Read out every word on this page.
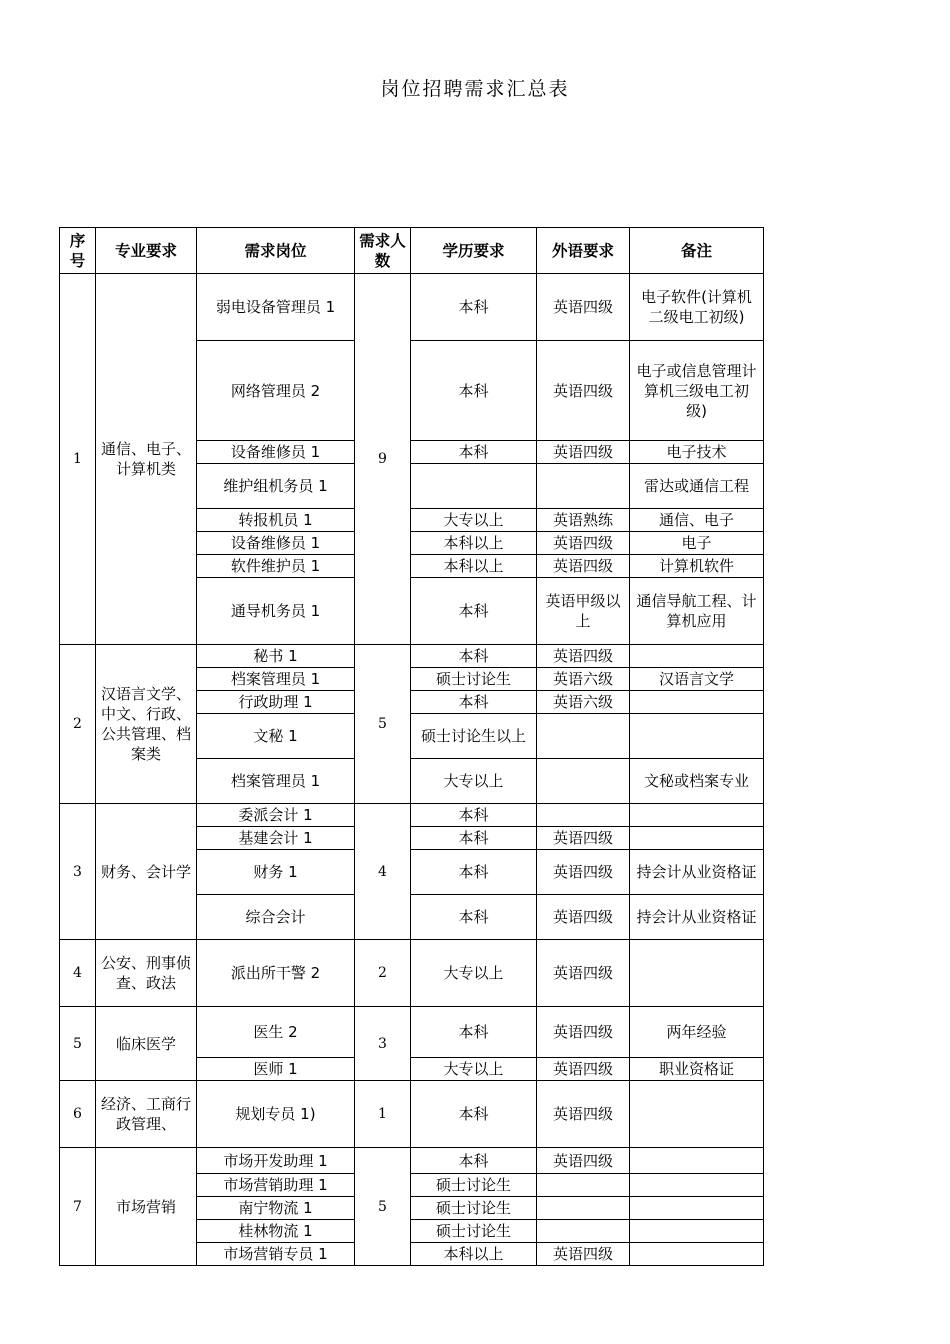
岗位招聘需求汇总表
序号	专业要求	需求岗位	需求人数	学历要求	外语要求	备注
1	通信、电子、计算机类	弱电设备管理员 1	9	本科	英语四级	电子软件(计算机二级电工初级)
		网络管理员 2		本科	英语四级	电子或信息管理计算机三级电工初级)
		设备维修员 1		本科	英语四级	电子技术
		维护组机务员 1				雷达或通信工程
		转报机员 1		大专以上	英语熟练	通信、电子
		设备维修员 1		本科以上	英语四级	电子
		软件维护员 1		本科以上	英语四级	计算机软件
		通导机务员 1		本科	英语甲级以上	通信导航工程、计算机应用
2	汉语言文学、中文、行政、公共管理、档案类	秘书 1	5	本科	英语四级	
		档案管理员 1		硕士讨论生	英语六级	汉语言文学
		行政助理 1		本科	英语六级	
		文秘 1		硕士讨论生以上		
		档案管理员 1		大专以上		文秘或档案专业
3	财务、会计学	委派会计 1	4	本科		
		基建会计 1		本科	英语四级	
		财务 1		本科	英语四级	持会计从业资格证
		综合会计		本科	英语四级	持会计从业资格证
4	公安、刑事侦查、政法	派出所干警 2	2	大专以上	英语四级	
5	临床医学	医生 2	3	本科	英语四级	两年经验
		医师 1		大专以上	英语四级	职业资格证
6	经济、工商行政管理、	规划专员 1)	1	本科	英语四级	
7	市场营销	市场开发助理 1	5	本科	英语四级	
		市场营销助理 1		硕士讨论生		
		南宁物流 1		硕士讨论生		
		桂林物流 1		硕士讨论生		
		市场营销专员 1		本科以上	英语四级	
